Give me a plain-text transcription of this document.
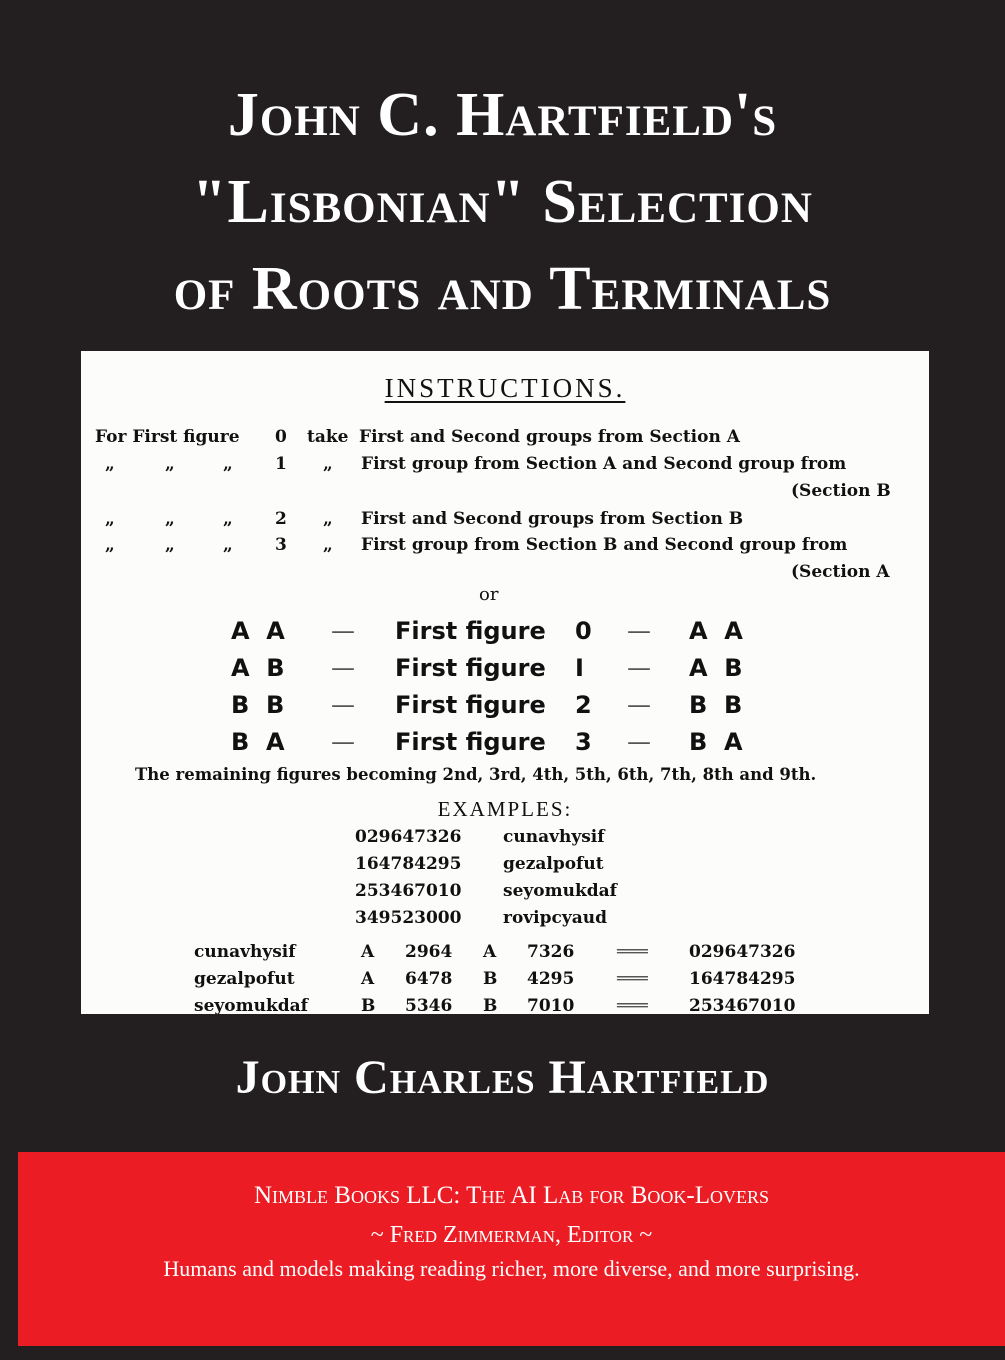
John C. Hartfield's
"Lisbonian" Selection
of Roots and Terminals
INSTRUCTIONS.
For First figure 0 take First and Second groups from Section A
„	„	„ 1 „ First group from Section A and Second group from
(Section B
„	„	„ 2 „ First and Second groups from Section B
„	„	„ 3 „ First group from Section B and Second group from
(Section A
or
A  A — First figure 0 — A  A
A  B — First figure I — A  B
B  B — First figure 2 — B  B
B  A — First figure 3 — B  A
The remaining figures becoming 2nd, 3rd, 4th, 5th, 6th, 7th, 8th and 9th.
EXAMPLES:
029647326 cunavhysif
164784295 gezalpofut
253467010 seyomukdaf
349523000 rovipcyaud
cunavhysif	A 2964 A 7326	═══ 029647326
gezalpofut	A 6478 B 4295	═══ 164784295
seyomukdaf	B 5346 B 7010	═══ 253467010
John Charles Hartfield
Nimble Books LLC: The AI Lab for Book-Lovers
~ Fred Zimmerman, Editor ~
Humans and models making reading richer, more diverse, and more surprising.
